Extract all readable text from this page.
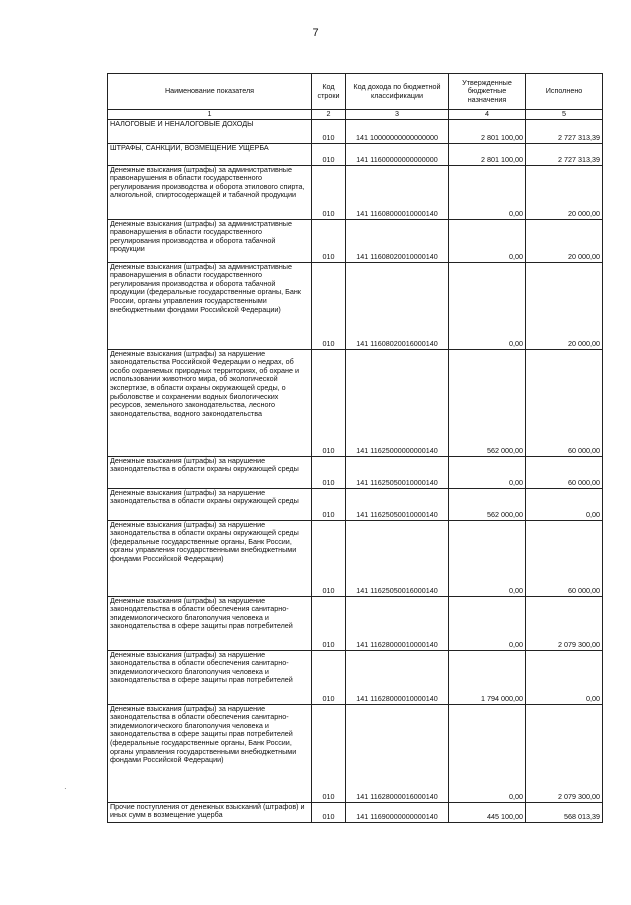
7
Наименование показателя	Код строки	Код дохода по бюджетной классификации	Утвержденные бюджетные назначения	Исполнено
1	2	3	4	5
НАЛОГОВЫЕ И НЕНАЛОГОВЫЕ ДОХОДЫ	010	141 10000000000000000	2 801 100,00	2 727 313,39
ШТРАФЫ, САНКЦИИ, ВОЗМЕЩЕНИЕ УЩЕРБА	010	141 11600000000000000	2 801 100,00	2 727 313,39
Денежные взыскания (штрафы) за административные правонарушения в области государственного регулирования производства и оборота этилового спирта, алкогольной, спиртосодержащей и табачной продукции	010	141 11608000010000140	0,00	20 000,00
Денежные взыскания (штрафы) за административные правонарушения в области государственного регулирования производства и оборота табачной продукции	010	141 11608020010000140	0,00	20 000,00
Денежные взыскания (штрафы) за административные правонарушения в области государственного регулирования производства и оборота табачной продукции (федеральные государственные органы, Банк России, органы управления государственными внебюджетными фондами Российской Федерации)	010	141 11608020016000140	0,00	20 000,00
Денежные взыскания (штрафы) за нарушение законодательства Российской Федерации о недрах, об особо охраняемых природных территориях, об охране и использовании животного мира, об экологической экспертизе, в области охраны окружающей среды, о рыболовстве и сохранении водных биологических ресурсов, земельного законодательства, лесного законодательства, водного законодательства	010	141 11625000000000140	562 000,00	60 000,00
Денежные взыскания (штрафы) за нарушение законодательства в области охраны окружающей среды	010	141 11625050010000140	0,00	60 000,00
Денежные взыскания (штрафы) за нарушение законодательства в области охраны окружающей среды	010	141 11625050010000140	562 000,00	0,00
Денежные взыскания (штрафы) за нарушение законодательства в области охраны окружающей среды (федеральные государственные органы, Банк России, органы управления государственными внебюджетными фондами Российской Федерации)	010	141 11625050016000140	0,00	60 000,00
Денежные взыскания (штрафы) за нарушение законодательства в области обеспечения санитарно-эпидемиологического благополучия человека и законодательства в сфере защиты прав потребителей	010	141 11628000010000140	0,00	2 079 300,00
Денежные взыскания (штрафы) за нарушение законодательства в области обеспечения санитарно-эпидемиологического благополучия человека и законодательства в сфере защиты прав потребителей	010	141 11628000010000140	1 794 000,00	0,00
Денежные взыскания (штрафы) за нарушение законодательства в области обеспечения санитарно-эпидемиологического благополучия человека и законодательства в сфере защиты прав потребителей (федеральные государственные органы, Банк России, органы управления государственными внебюджетными фондами Российской Федерации)	010	141 11628000016000140	0,00	2 079 300,00
Прочие поступления от денежных взысканий (штрафов) и иных сумм в возмещение ущерба	010	141 11690000000000140	445 100,00	568 013,39
·
